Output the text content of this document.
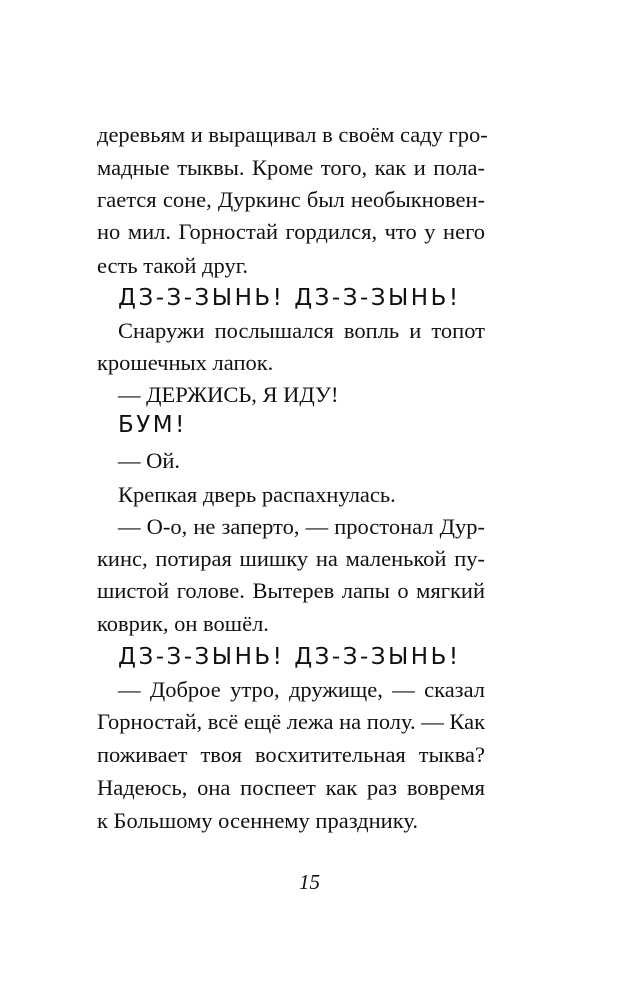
деревьям и выращивал в своём саду гро-
мадные тыквы. Кроме того, как и пола-
гается соне, Дуркинс был необыкновен-
но мил. Горностай гордился, что у него
есть такой друг.
ДЗ-З-ЗЫНЬ! ДЗ-З-ЗЫНЬ!
Снаружи послышался вопль и топот
крошечных лапок.
— ДЕРЖИСЬ, Я ИДУ!
БУМ!
— Ой.
Крепкая дверь распахнулась.
— О-о, не заперто, — простонал Дур-
кинс, потирая шишку на маленькой пу-
шистой голове. Вытерев лапы о мягкий
коврик, он вошёл.
ДЗ-З-ЗЫНЬ! ДЗ-З-ЗЫНЬ!
— Доброе утро, дружище, — сказал
Горностай, всё ещё лежа на полу. — Как
поживает твоя восхитительная тыква?
Надеюсь, она поспеет как раз вовремя
к Большому осеннему празднику.
15
